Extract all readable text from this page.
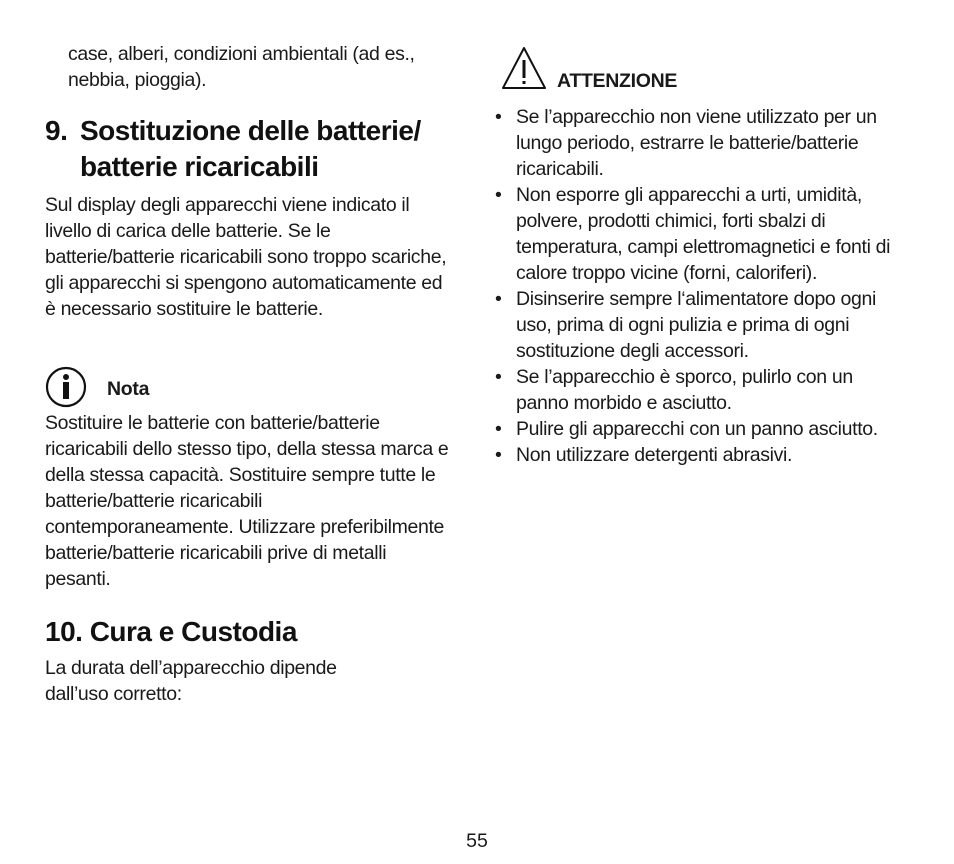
case, alberi, condizioni ambientali (ad es., nebbia, pioggia).

9. Sostituzione delle batterie/
batterie ricaricabili

Sul display degli apparecchi viene indicato il livello di carica delle batterie. Se le batterie/batterie ricaricabili sono troppo scariche, gli apparecchi si spengono automaticamente ed è necessario sostituire le batterie.

Nota

Sostituire le batterie con batterie/batterie ricaricabili dello stesso tipo, della stessa marca e della stessa capacità. Sostituire sempre tutte le batterie/batterie ricaricabili contemporaneamente. Utilizzare preferibilmente batterie/batterie ricaricabili prive di metalli pesanti.

10. Cura e Custodia

La durata dell’apparecchio dipende dall’uso corretto:

ATTENZIONE
• Se l’apparecchio non viene utilizzato per un lungo periodo, estrarre le batterie/batterie ricaricabili.
• Non esporre gli apparecchi a urti, umidità, polvere, prodotti chimici, forti sbalzi di temperatura, campi elettromagnetici e fonti di calore troppo vicine (forni, caloriferi).
• Disinserire sempre l‘alimentatore dopo ogni uso, prima di ogni pulizia e prima di ogni sostituzione degli accessori.
• Se l’apparecchio è sporco, pulirlo con un panno morbido e asciutto.
• Pulire gli apparecchi con un panno asciutto.
• Non utilizzare detergenti abrasivi.
55
